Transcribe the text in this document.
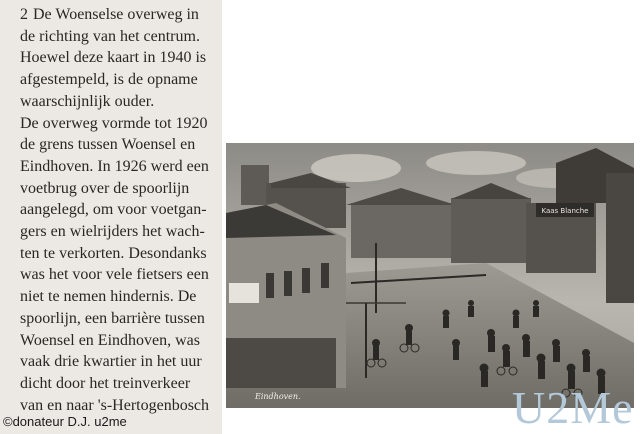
2 De Woenselse overweg in
de richting van het centrum.
Hoewel deze kaart in 1940 is
afgestempeld, is de opname
waarschijnlijk ouder.
De overweg vormde tot 1920
de grens tussen Woensel en
Eindhoven. In 1926 werd een
voetbrug over de spoorlijn
aangelegd, om voor voetgan-
gers en wielrijders het wach-
ten te verkorten. Desondanks
was het voor vele fietsers een
niet te nemen hindernis. De
spoorlijn, een barrière tussen
Woensel en Eindhoven, was
vaak drie kwartier in het uur
dicht door het treinverkeer
van en naar 's-Hertogenbosch
Kaas Blanche
Eindhoven.	U2Me
©donateur D.J. u2me
